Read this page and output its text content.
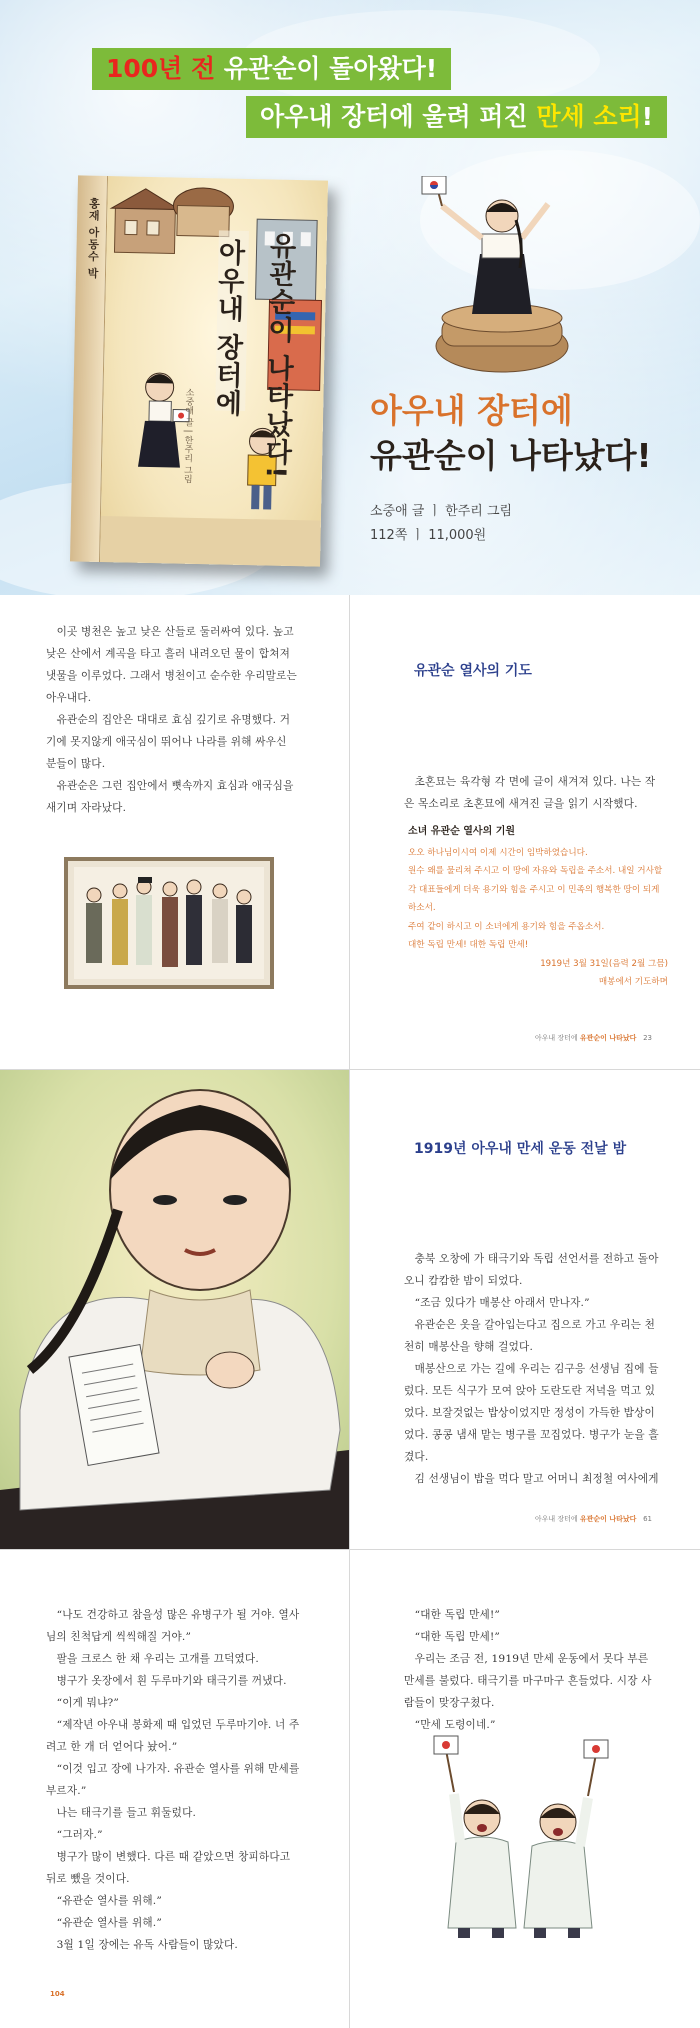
100년 전 유관순이 돌아왔다!
아우내 장터에 울려 퍼진 만세 소리!
홍재 아동수 박	유관순이 나타났다!
아우내 장터에
소중애 글 | 한주리 그림	아우내 장터에
유관순이 나타났다!
소중애 글 ㅣ 한주리 그림
112쪽 ㅣ 11,000원

이곳 병천은 높고 낮은 산들로 둘러싸여 있다. 높고 낮은 산에서 계곡을 타고 흘러 내려오던 물이 합쳐져 냇물을 이루었다. 그래서 병천이고 순수한 우리말로는 아우내다.

유관순의 집안은 대대로 효심 깊기로 유명했다. 거기에 못지않게 애국심이 뛰어나 나라를 위해 싸우신 분들이 많다.

유관순은 그런 집안에서 뼛속까지 효심과 애국심을 새기며 자라났다.

유관순 열사의 기도

초혼묘는 육각형 각 면에 글이 새겨져 있다. 나는 작은 목소리로 초혼묘에 새겨진 글을 읽기 시작했다.

소녀 유관순 열사의 기원
오오 하나님이시여 이제 시간이 임박하였습니다.
원수 왜를 물리쳐 주시고 이 땅에 자유와 독립을 주소서. 내일 거사할 각 대표들에게 더욱 용기와 힘을 주시고 이 민족의 행복한 땅이 되게 하소서.
주여 같이 하시고 이 소녀에게 용기와 힘을 주옵소서.
대한 독립 만세! 대한 독립 만세!
1919년 3월 31일(음력 2월 그믐)
매봉에서 기도하며
아우내 장터에 유관순이 나타났다 23
1919년 아우내 만세 운동 전날 밤

충북 오창에 가 태극기와 독립 선언서를 전하고 돌아오니 캄캄한 밤이 되었다.

“조금 있다가 매봉산 아래서 만나자.”

유관순은 옷을 갈아입는다고 집으로 가고 우리는 천천히 매봉산을 향해 걸었다.

매봉산으로 가는 길에 우리는 김구응 선생님 집에 들렀다. 모든 식구가 모여 앉아 도란도란 저녁을 먹고 있었다. 보잘것없는 밥상이었지만 정성이 가득한 밥상이었다. 콩콩 냄새 맡는 병구를 꼬집었다. 병구가 눈을 흘겼다.

김 선생님이 밥을 먹다 말고 어머니 최정철 여사에게

아우내 장터에 유관순이 나타났다 61

“나도 건강하고 참을성 많은 유병구가 될 거야. 열사님의 친척답게 씩씩해질 거야.”

팔을 크로스 한 채 우리는 고개를 끄덕였다.

병구가 옷장에서 흰 두루마기와 태극기를 꺼냈다.

“이게 뭐냐?”

“제작년 아우내 봉화제 때 입었던 두루마기야. 너 주려고 한 개 더 얻어다 놨어.”

“이것 입고 장에 나가자. 유관순 열사를 위해 만세를 부르자.”

나는 태극기를 들고 휘둘렀다.

“그러자.”

병구가 많이 변했다. 다른 때 같았으면 창피하다고 뒤로 뺐을 것이다.

“유관순 열사를 위해.”

“유관순 열사를 위해.”

3월 1일 장에는 유독 사람들이 많았다.

104

“대한 독립 만세!”

“대한 독립 만세!”

우리는 조금 전, 1919년 만세 운동에서 못다 부른 만세를 불렀다. 태극기를 마구마구 흔들었다. 시장 사람들이 맞장구쳤다.

“만세 도령이네.”
